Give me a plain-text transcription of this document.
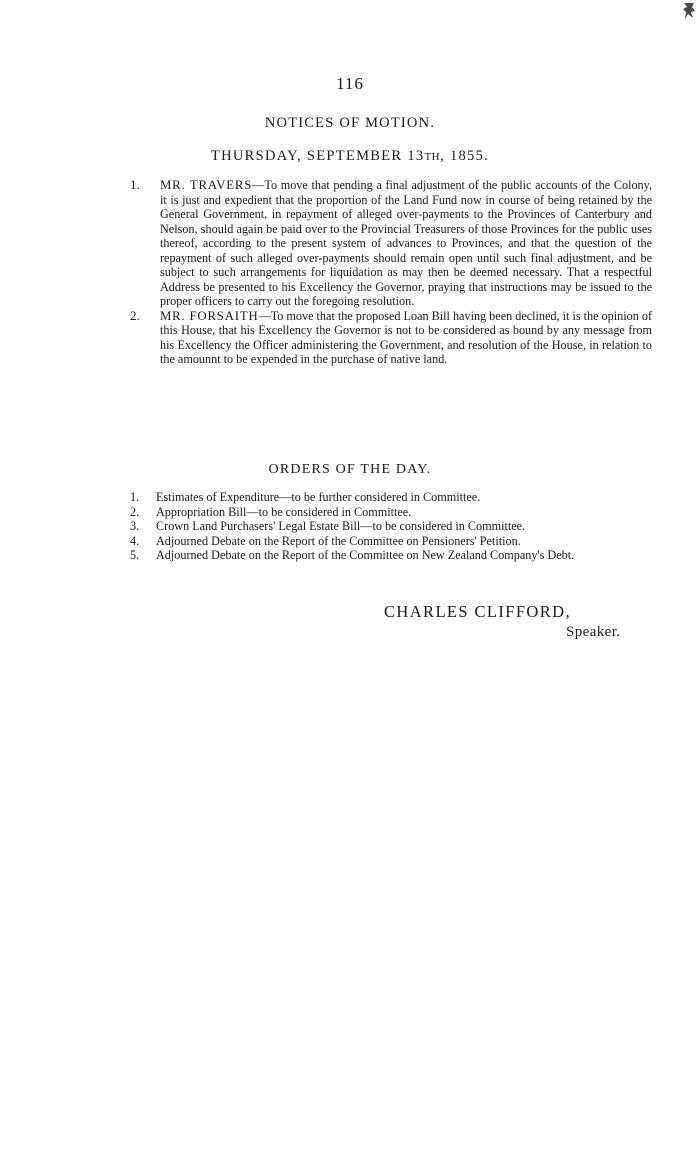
116
NOTICES OF MOTION.
THURSDAY, SEPTEMBER 13TH, 1855.
1. MR. TRAVERS—To move that pending a final adjustment of the public accounts of the Colony, it is just and expedient that the proportion of the Land Fund now in course of being retained by the General Government, in repayment of alleged over-payments to the Provinces of Canterbury and Nelson, should again be paid over to the Provincial Treasurers of those Provinces for the public uses thereof, according to the present system of advances to Provinces, and that the question of the repayment of such alleged over-payments should remain open until such final adjustment, and be subject to such arrangements for liquidation as may then be deemed necessary. That a respectful Address be presented to his Excellency the Governor, praying that instructions may be issued to the proper officers to carry out the foregoing resolution.
2. MR. FORSAITH—To move that the proposed Loan Bill having been declined, it is the opinion of this House, that his Excellency the Governor is not to be considered as bound by any message from his Excellency the Officer administering the Government, and resolution of the House, in relation to the amounnt to be expended in the purchase of native land.
ORDERS OF THE DAY.
1. Estimates of Expenditure—to be further considered in Committee.
2. Appropriation Bill—to be considered in Committee.
3. Crown Land Purchasers' Legal Estate Bill—to be considered in Committee.
4. Adjourned Debate on the Report of the Committee on Pensioners' Petition.
5. Adjourned Debate on the Report of the Committee on New Zealand Company's Debt.
CHARLES CLIFFORD,
Speaker.
